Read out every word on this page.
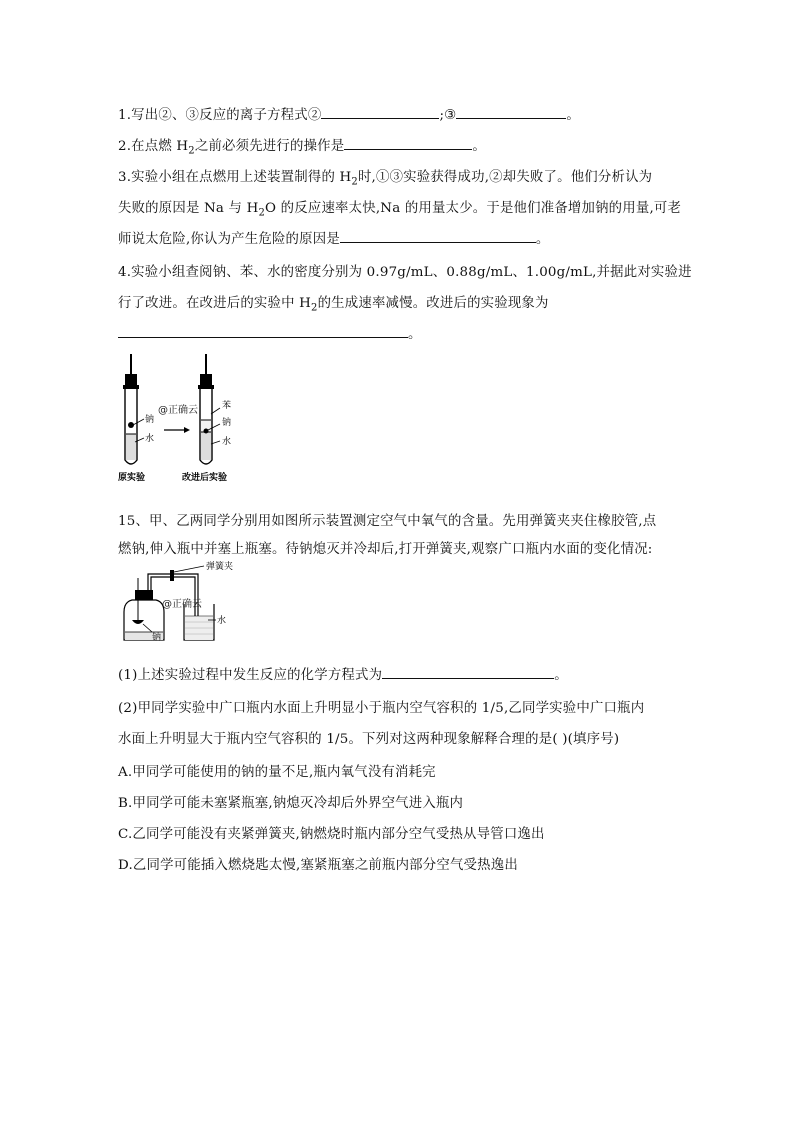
1.写出②、③反应的离子方程式②	;③	。
2.在点燃 $H_2$之前必须先进行的操作是	。
3.实验小组在点燃用上述装置制得的 $H_2$时,①③实验获得成功,②却失败了。他们分析认为
失败的原因是 Na 与 $H_2O$ 的反应速率太快,Na 的用量太少。于是他们准备增加钠的用量,可老
师说太危险,你认为产生危险的原因是	。
4.实验小组查阅钠、苯、水的密度分别为 0.97g/mL、0.88g/mL、1.00g/mL,并据此对实验进
行了改进。在改进后的实验中 $H_2$的生成速率减慢。改进后的实验现象为
。
钠
水
原实验
@正确云	苯
钠
水
改进后实验
15、甲、乙两同学分别用如图所示装置测定空气中氧气的含量。先用弹簧夹夹住橡胶管,点
燃钠,伸入瓶中并塞上瓶塞。待钠熄灭并冷却后,打开弹簧夹,观察广口瓶内水面的变化情况:
钠
弹簧夹
水
@正确云
(1)上述实验过程中发生反应的化学方程式为	。
(2)甲同学实验中广口瓶内水面上升明显小于瓶内空气容积的 1/5,乙同学实验中广口瓶内
水面上升明显大于瓶内空气容积的 1/5。下列对这两种现象解释合理的是( )(填序号)
A.甲同学可能使用的钠的量不足,瓶内氧气没有消耗完
B.甲同学可能未塞紧瓶塞,钠熄灭冷却后外界空气进入瓶内
C.乙同学可能没有夹紧弹簧夹,钠燃烧时瓶内部分空气受热从导管口逸出
D.乙同学可能插入燃烧匙太慢,塞紧瓶塞之前瓶内部分空气受热逸出
